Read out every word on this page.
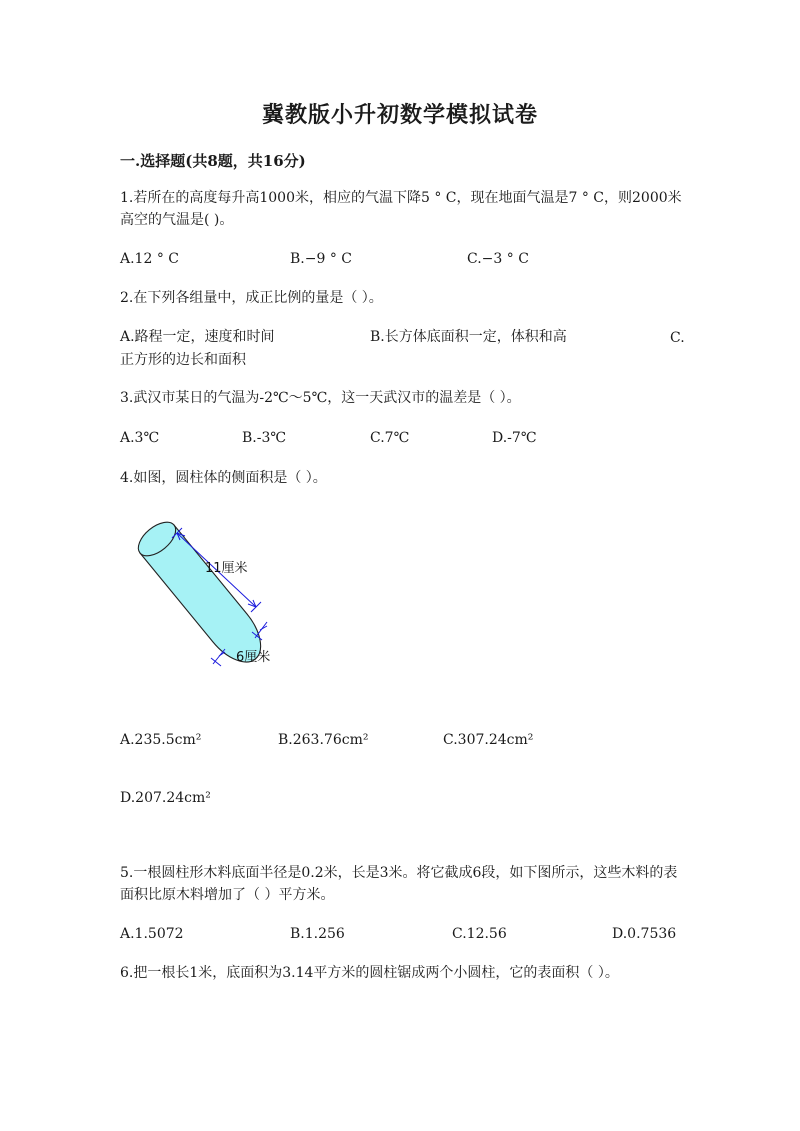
冀教版小升初数学模拟试卷
一.选择题(共8题，共16分)
1.若所在的高度每升高1000米，相应的气温下降5 ° C，现在地面气温是7 ° C，则2000米高空的气温是( )。
A.12 ° C	B.−9 ° C	C.−3 ° C
2.在下列各组量中，成正比例的量是（ ）。
A.路程一定，速度和时间	B.长方体底面积一定，体积和高	C.正方形的边长和面积
3.武汉市某日的气温为-2℃～5℃，这一天武汉市的温差是（ ）。
A.3℃	B.-3℃	C.7℃	D.-7℃
4.如图，圆柱体的侧面积是（ ）。
11厘米
6厘米
A.235.5cm²	B.263.76cm²	C.307.24cm²
D.207.24cm²
5.一根圆柱形木料底面半径是0.2米，长是3米。将它截成6段，如下图所示，这些木料的表面积比原木料增加了（ ）平方米。
A.1.5072	B.1.256	C.12.56	D.0.7536
6.把一根长1米，底面积为3.14平方米的圆柱锯成两个小圆柱，它的表面积（ ）。
